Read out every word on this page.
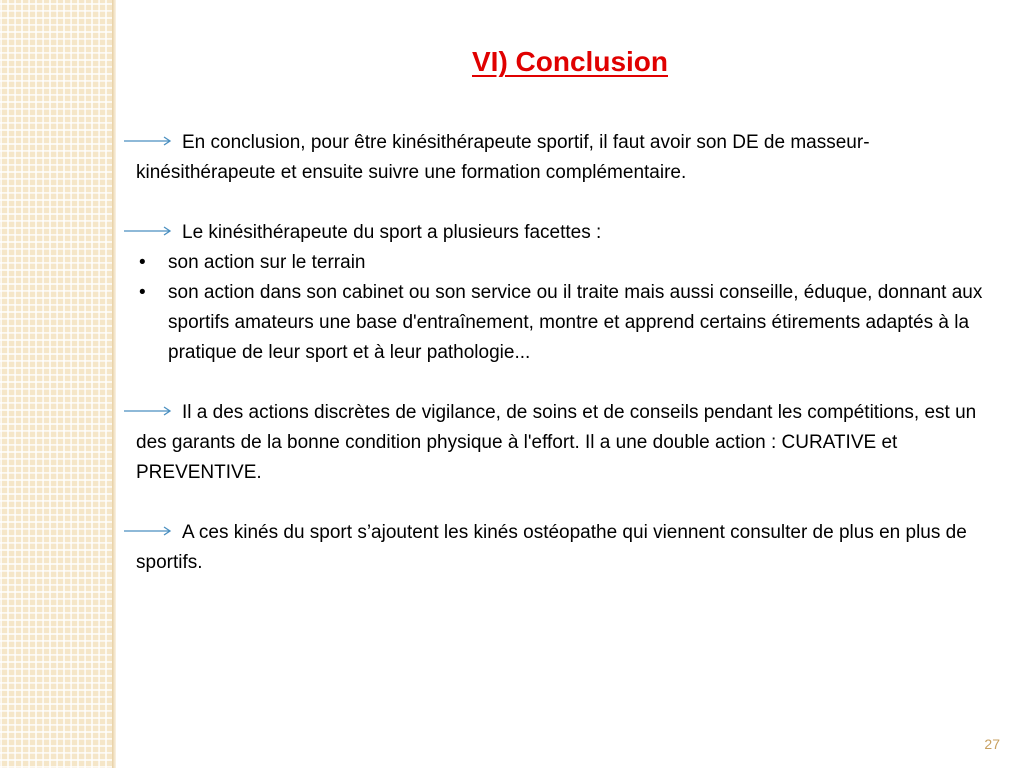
VI) Conclusion

En conclusion, pour être kinésithérapeute sportif, il faut avoir son DE de masseur-kinésithérapeute et ensuite suivre une formation complémentaire.

Le kinésithérapeute du sport a plusieurs facettes :

• son action sur le terrain
• son action dans son cabinet ou son service ou il traite mais aussi conseille, éduque, donnant aux sportifs amateurs une base d'entraînement, montre et apprend certains étirements adaptés à la pratique de leur sport et à leur pathologie...

Il a des actions discrètes de vigilance, de soins et de conseils pendant les compétitions, est un des garants de la bonne condition physique à l'effort. Il a une double action : CURATIVE et PREVENTIVE.

A ces kinés du sport s’ajoutent les kinés ostéopathe qui viennent consulter de plus en plus de sportifs.

27
